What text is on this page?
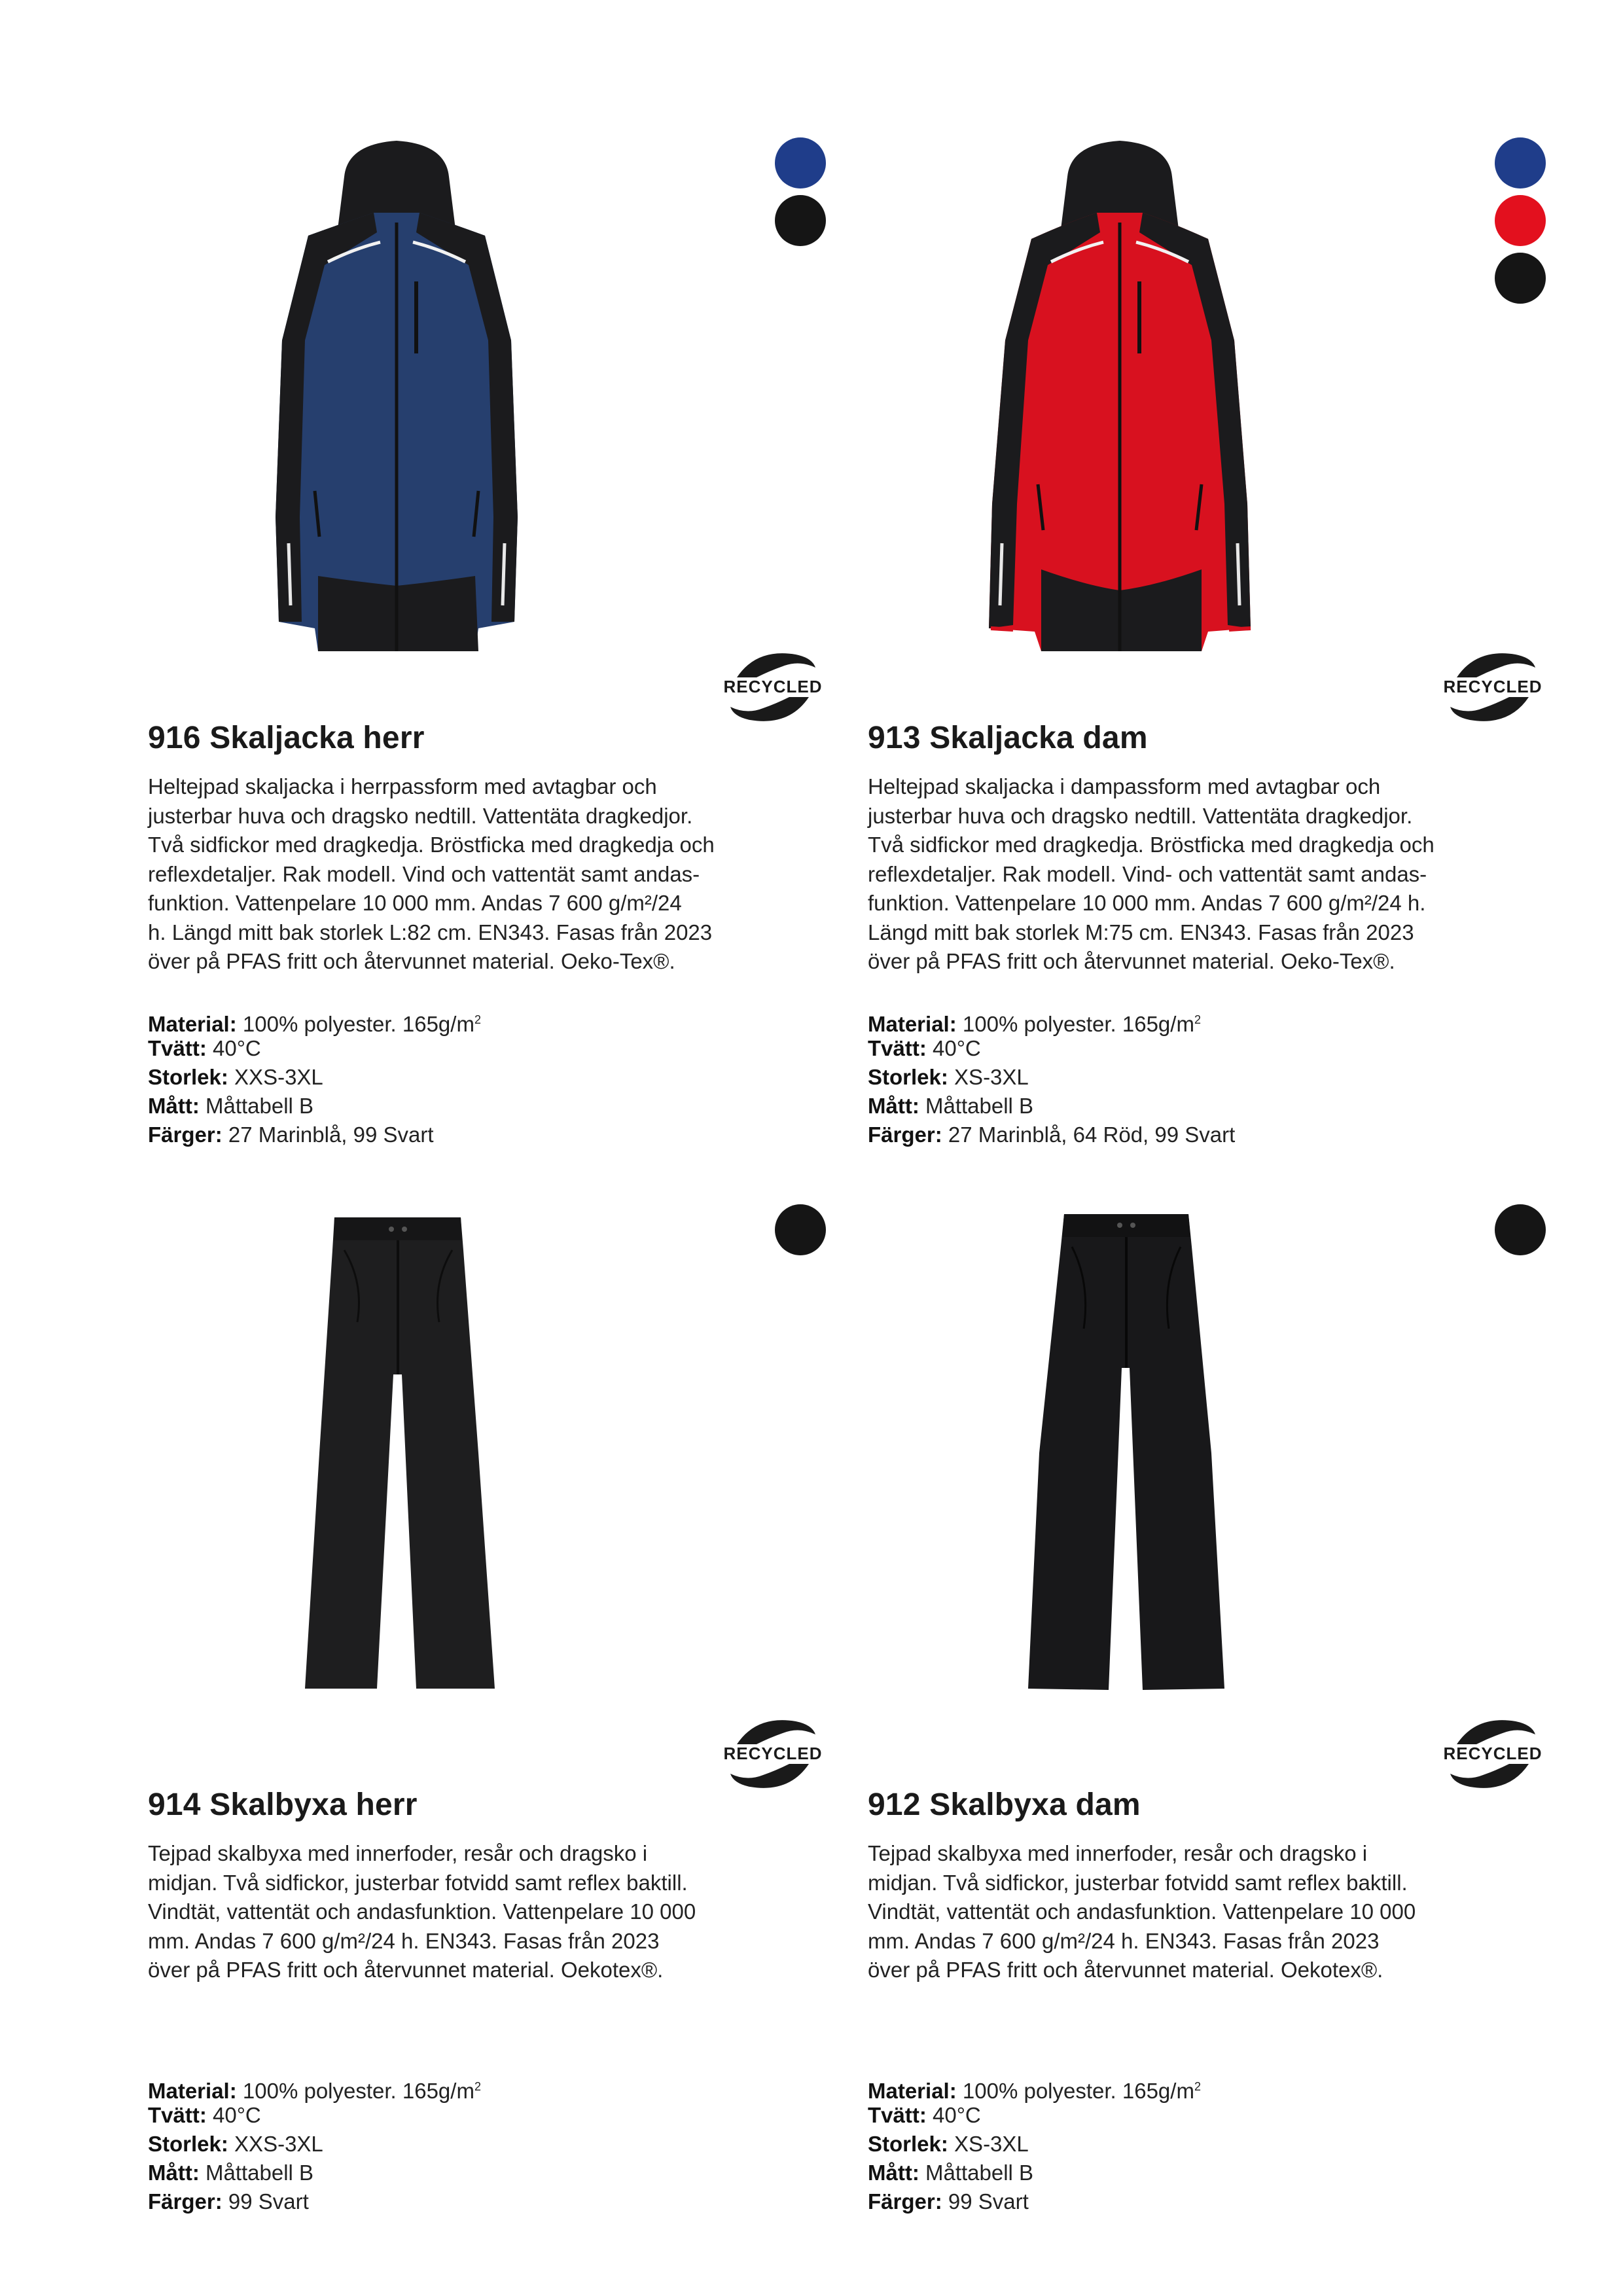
RECYCLED
916 Skaljacka herr

Heltejpad skaljacka i herrpassform med avtagbar och
justerbar huva och dragsko nedtill. Vattentäta dragkedjor.
Två sidfickor med dragkedja. Bröstficka med dragkedja och
reflexdetaljer. Rak modell. Vind och vattentät samt andas-
funktion. Vattenpelare 10 000 mm. Andas 7 600 g/m²/24
h. Längd mitt bak storlek L:82 cm. EN343. Fasas från 2023
över på PFAS fritt och återvunnet material. Oeko-Tex®.

Material: 100% polyester. $165g/m^2$
Tvätt: 40°C
Storlek: XXS-3XL
Mått: Måttabell B
Färger: 27 Marinblå, 99 Svart
RECYCLED
913 Skaljacka dam

Heltejpad skaljacka i dampassform med avtagbar och
justerbar huva och dragsko nedtill. Vattentäta dragkedjor.
Två sidfickor med dragkedja. Bröstficka med dragkedja och
reflexdetaljer. Rak modell. Vind- och vattentät samt andas-
funktion. Vattenpelare 10 000 mm. Andas 7 600 g/m²/24 h.
Längd mitt bak storlek M:75 cm. EN343. Fasas från 2023
över på PFAS fritt och återvunnet material. Oeko-Tex®.

Material: 100% polyester. $165g/m^2$
Tvätt: 40°C
Storlek: XS-3XL
Mått: Måttabell B
Färger: 27 Marinblå, 64 Röd, 99 Svart
RECYCLED
914 Skalbyxa herr

Tejpad skalbyxa med innerfoder, resår och dragsko i
midjan. Två sidfickor, justerbar fotvidd samt reflex baktill.
Vindtät, vattentät och andasfunktion. Vattenpelare 10 000
mm. Andas 7 600 g/m²/24 h. EN343. Fasas från 2023
över på PFAS fritt och återvunnet material. Oekotex®.

Material: 100% polyester. $165g/m^2$
Tvätt: 40°C
Storlek: XXS-3XL
Mått: Måttabell B
Färger: 99 Svart
RECYCLED
912 Skalbyxa dam

Tejpad skalbyxa med innerfoder, resår och dragsko i
midjan. Två sidfickor, justerbar fotvidd samt reflex baktill.
Vindtät, vattentät och andasfunktion. Vattenpelare 10 000
mm. Andas 7 600 g/m²/24 h. EN343. Fasas från 2023
över på PFAS fritt och återvunnet material. Oekotex®.

Material: 100% polyester. $165g/m^2$
Tvätt: 40°C
Storlek: XS-3XL
Mått: Måttabell B
Färger: 99 Svart
